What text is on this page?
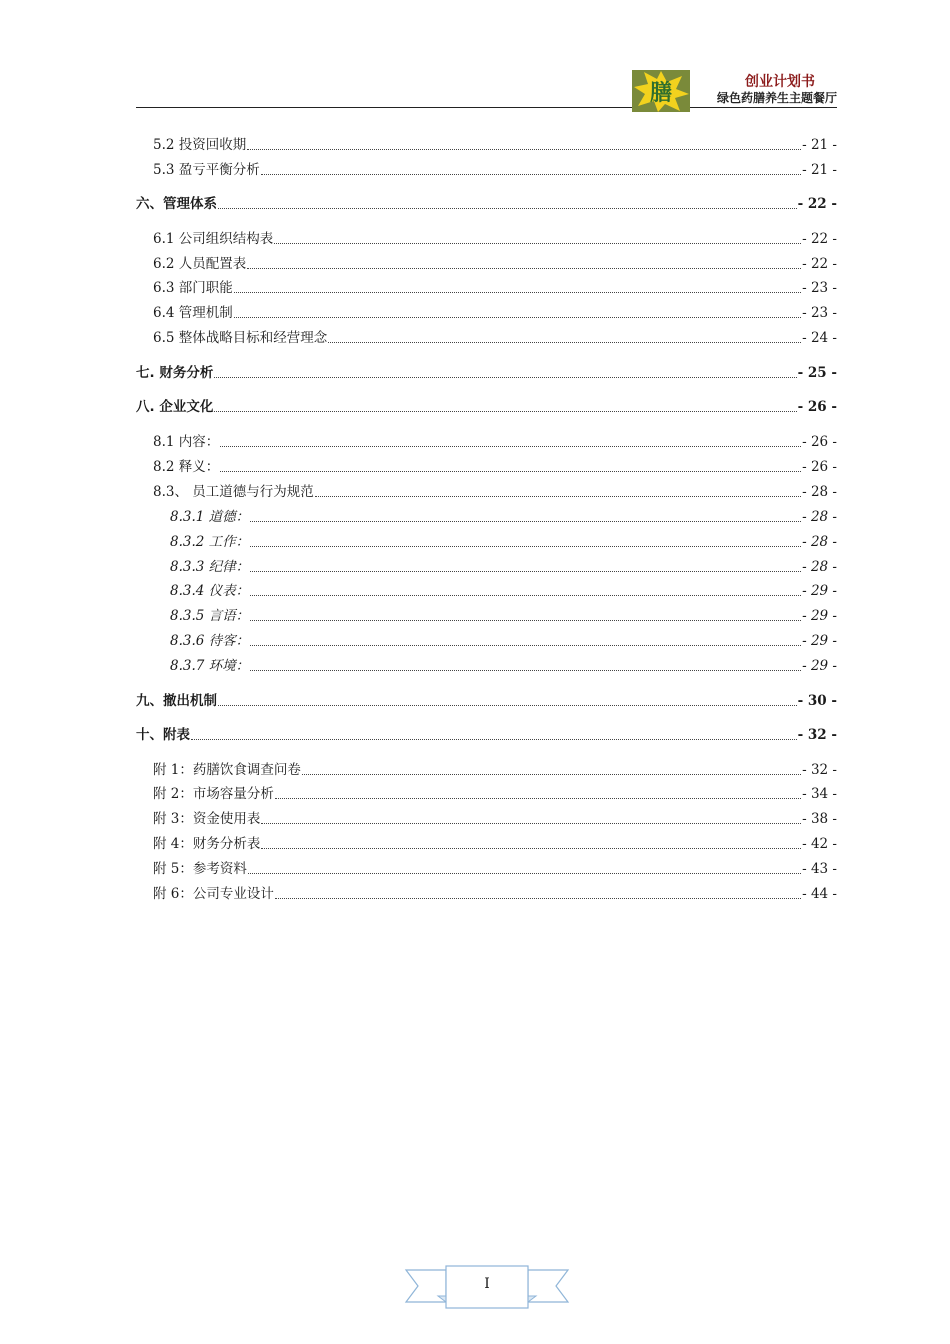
膳	创业计划书
绿色药膳养生主题餐厅
5.2 投资回收期	- 21 -
5.3 盈亏平衡分析	- 21 -
六、管理体系	- 22 -
6.1 公司组织结构表	- 22 -
6.2 人员配置表	- 22 -
6.3 部门职能	- 23 -
6.4 管理机制	- 23 -
6.5 整体战略目标和经营理念	- 24 -
七. 财务分析	- 25 -
八. 企业文化	- 26 -
8.1 内容：	- 26 -
8.2 释义：	- 26 -
8.3、 员工道德与行为规范	- 28 -
8.3.1 道德：	- 28 -
8.3.2 工作：	- 28 -
8.3.3 纪律：	- 28 -
8.3.4 仪表：	- 29 -
8.3.5 言语：	- 29 -
8.3.6 待客：	- 29 -
8.3.7 环境：	- 29 -
九、撤出机制	- 30 -
十、附表	- 32 -
附 1：药膳饮食调查问卷	- 32 -
附 2：市场容量分析	- 34 -
附 3：资金使用表	- 38 -
附 4：财务分析表	- 42 -
附 5：参考资料	- 43 -
附 6：公司专业设计	- 44 -
I
